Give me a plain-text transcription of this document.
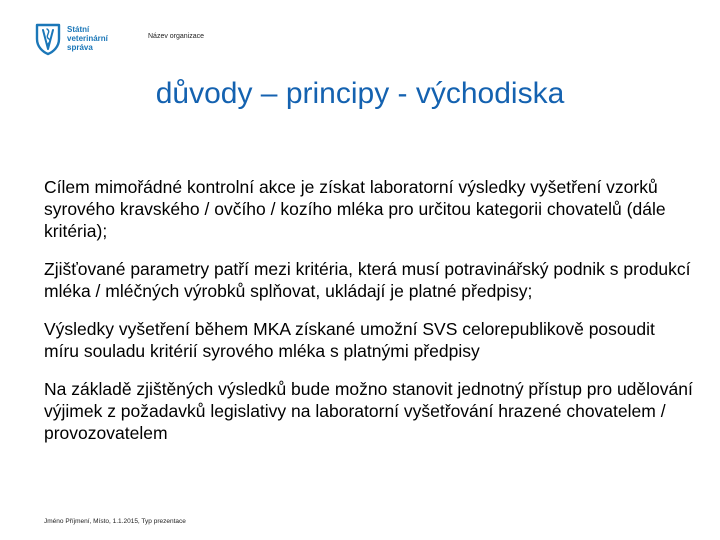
Státní
veterinární
správa
Název organizace
důvody – principy - východiska
Cílem mimořádné kontrolní akce je získat laboratorní výsledky vyšetření vzorků syrového kravského / ovčího / kozího mléka pro určitou kategorii chovatelů (dále kritéria);
Zjišťované parametry patří mezi kritéria, která musí potravinářský podnik s produkcí mléka / mléčných výrobků splňovat, ukládají je platné předpisy;
Výsledky vyšetření během MKA získané umožní SVS celorepublikově posoudit míru souladu kritérií syrového mléka s platnými předpisy
Na základě zjištěných výsledků bude možno stanovit jednotný přístup pro udělování výjimek z požadavků legislativy na laboratorní vyšetřování hrazené chovatelem / provozovatelem
Jméno Příjmení, Místo, 1.1.2015, Typ prezentace
